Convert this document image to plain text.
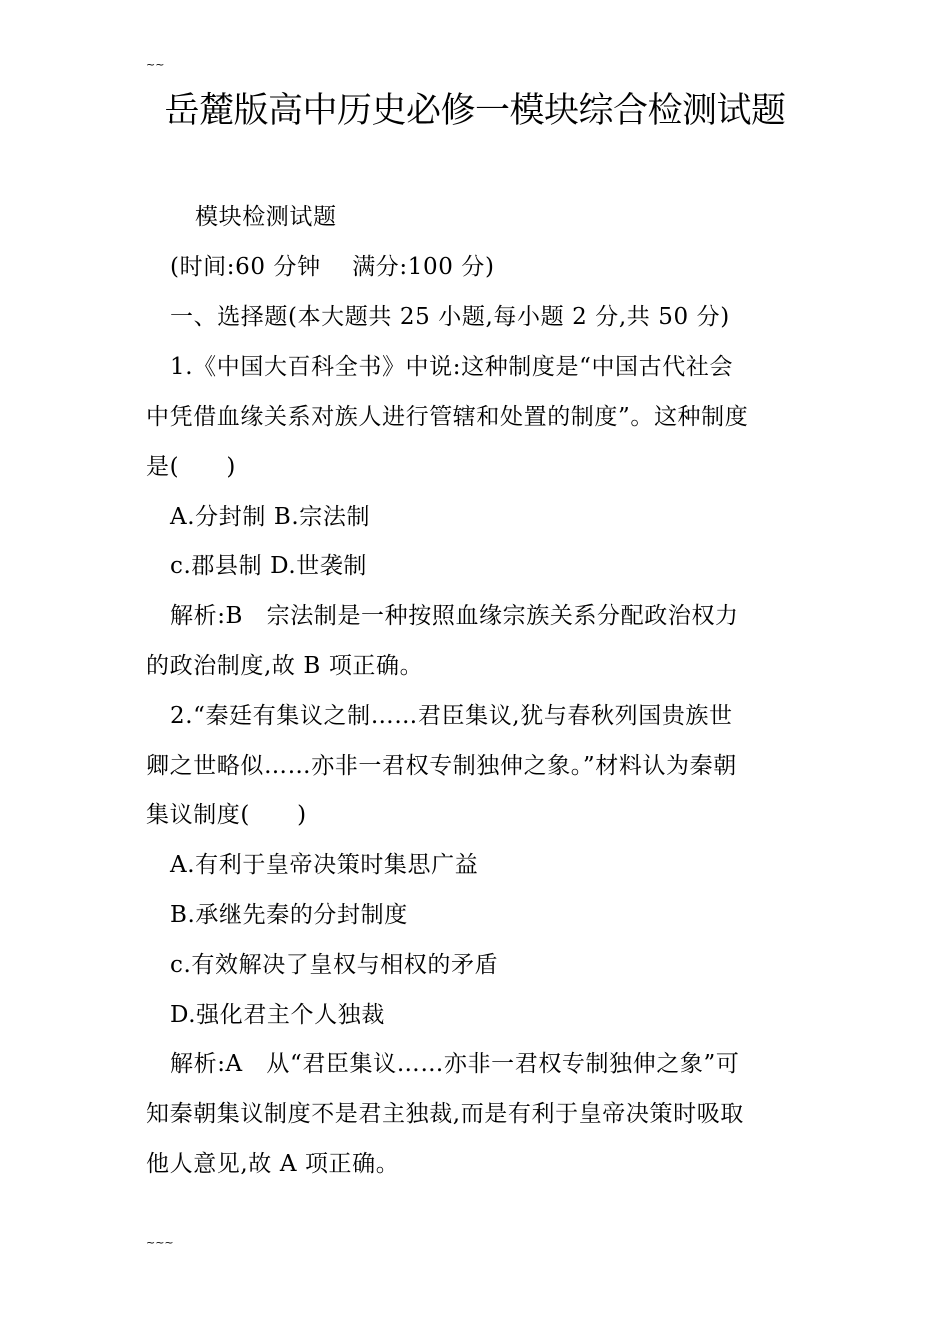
~~
岳麓版高中历史必修一模块综合检测试题
模块检测试题
(时间:60 分钟　 满分:100 分)
一、选择题(本大题共 25 小题,每小题 2 分,共 50 分)
1.《中国大百科全书》中说:这种制度是“中国古代社会
中凭借血缘关系对族人进行管辖和处置的制度”。这种制度
是(　　)
A.分封制 B.宗法制
c.郡县制 D.世袭制
解析:B　宗法制是一种按照血缘宗族关系分配政治权力
的政治制度,故 B 项正确。
2.“秦廷有集议之制……君臣集议,犹与春秋列国贵族世
卿之世略似……亦非一君权专制独伸之象。”材料认为秦朝
集议制度(　　)
A.有利于皇帝决策时集思广益
B.承继先秦的分封制度
c.有效解决了皇权与相权的矛盾
D.强化君主个人独裁
解析:A　从“君臣集议……亦非一君权专制独伸之象”可
知秦朝集议制度不是君主独裁,而是有利于皇帝决策时吸取
他人意见,故 A 项正确。
~~~
